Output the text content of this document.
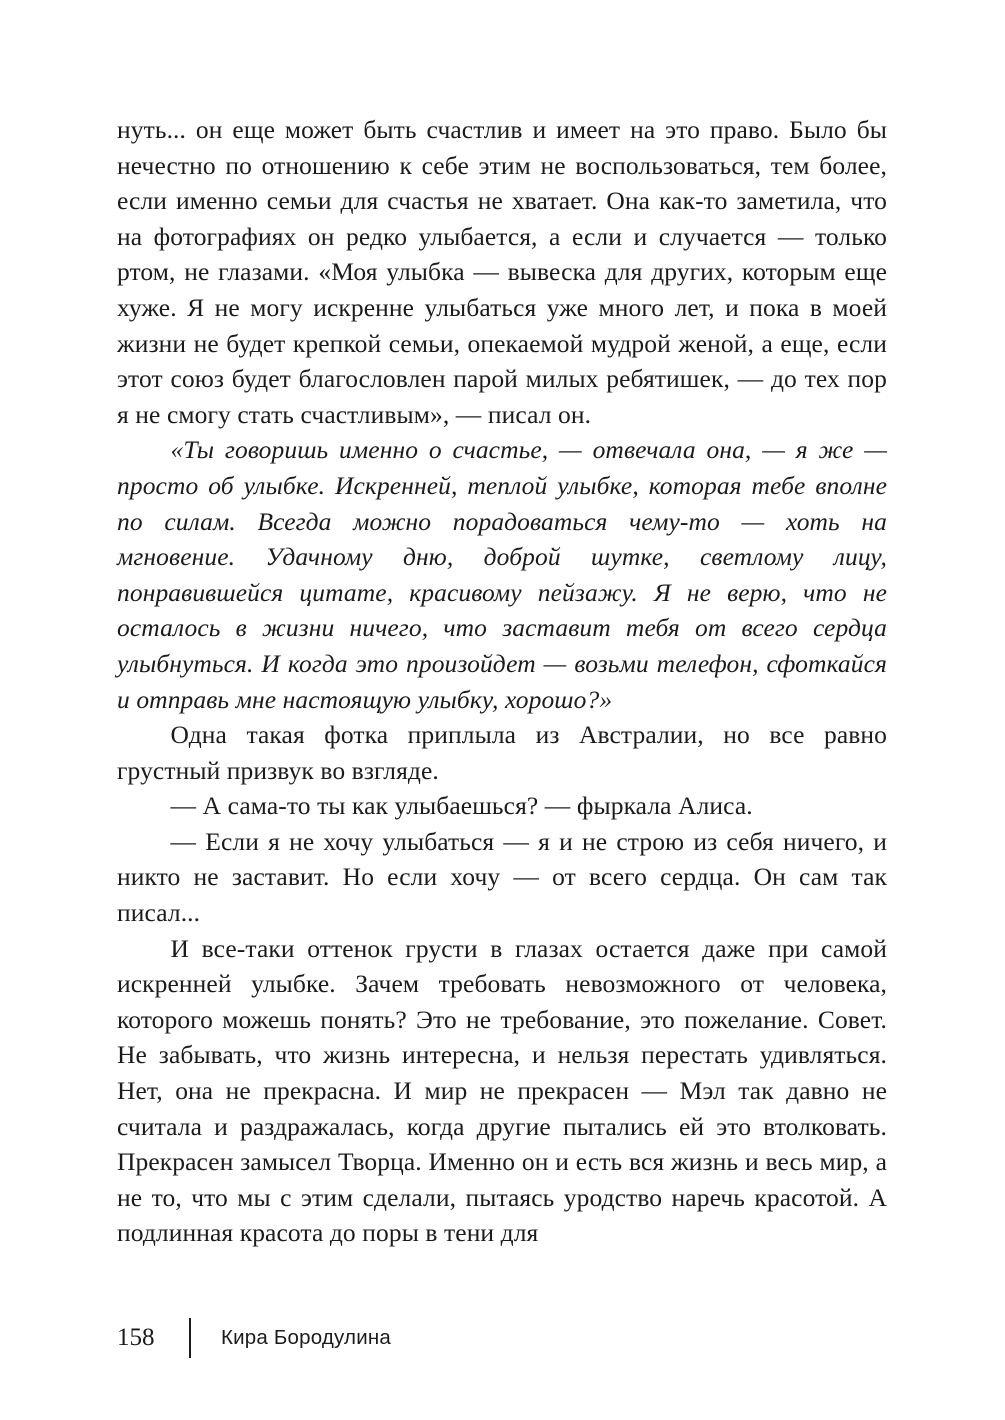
нуть... он еще может быть счастлив и имеет на это право. Было бы нечестно по отношению к себе этим не воспользоваться, тем более, если именно семьи для счастья не хватает. Она как-то заметила, что на фотографиях он редко улыбается, а если и случается — только ртом, не глазами. «Моя улыбка — вывеска для других, которым еще хуже. Я не могу искренне улыбаться уже много лет, и пока в моей жизни не будет крепкой семьи, опекаемой мудрой женой, а еще, если этот союз будет благословлен парой милых ребятишек, — до тех пор я не смогу стать счастливым», — писал он.

«Ты говоришь именно о счастье, — отвечала она, — я же — просто об улыбке. Искренней, теплой улыбке, которая тебе вполне по силам. Всегда можно порадоваться чему-то — хоть на мгновение. Удачному дню, доброй шутке, светлому лицу, понравившейся цитате, красивому пейзажу. Я не верю, что не осталось в жизни ничего, что заставит тебя от всего сердца улыбнуться. И когда это произойдет — возьми телефон, сфоткайся и отправь мне настоящую улыбку, хорошо?»

Одна такая фотка приплыла из Австралии, но все равно грустный призвук во взгляде.

— А сама-то ты как улыбаешься? — фыркала Алиса.

— Если я не хочу улыбаться — я и не строю из себя ничего, и никто не заставит. Но если хочу — от всего сердца. Он сам так писал...

И все-таки оттенок грусти в глазах остается даже при самой искренней улыбке. Зачем требовать невозможного от человека, которого можешь понять? Это не требование, это пожелание. Совет. Не забывать, что жизнь интересна, и нельзя перестать удивляться. Нет, она не прекрасна. И мир не прекрасен — Мэл так давно не считала и раздражалась, когда другие пытались ей это втолковать. Прекрасен замысел Творца. Именно он и есть вся жизнь и весь мир, а не то, что мы с этим сделали, пытаясь уродство наречь красотой. А подлинная красота до поры в тени для

158	Кира Бородулина
